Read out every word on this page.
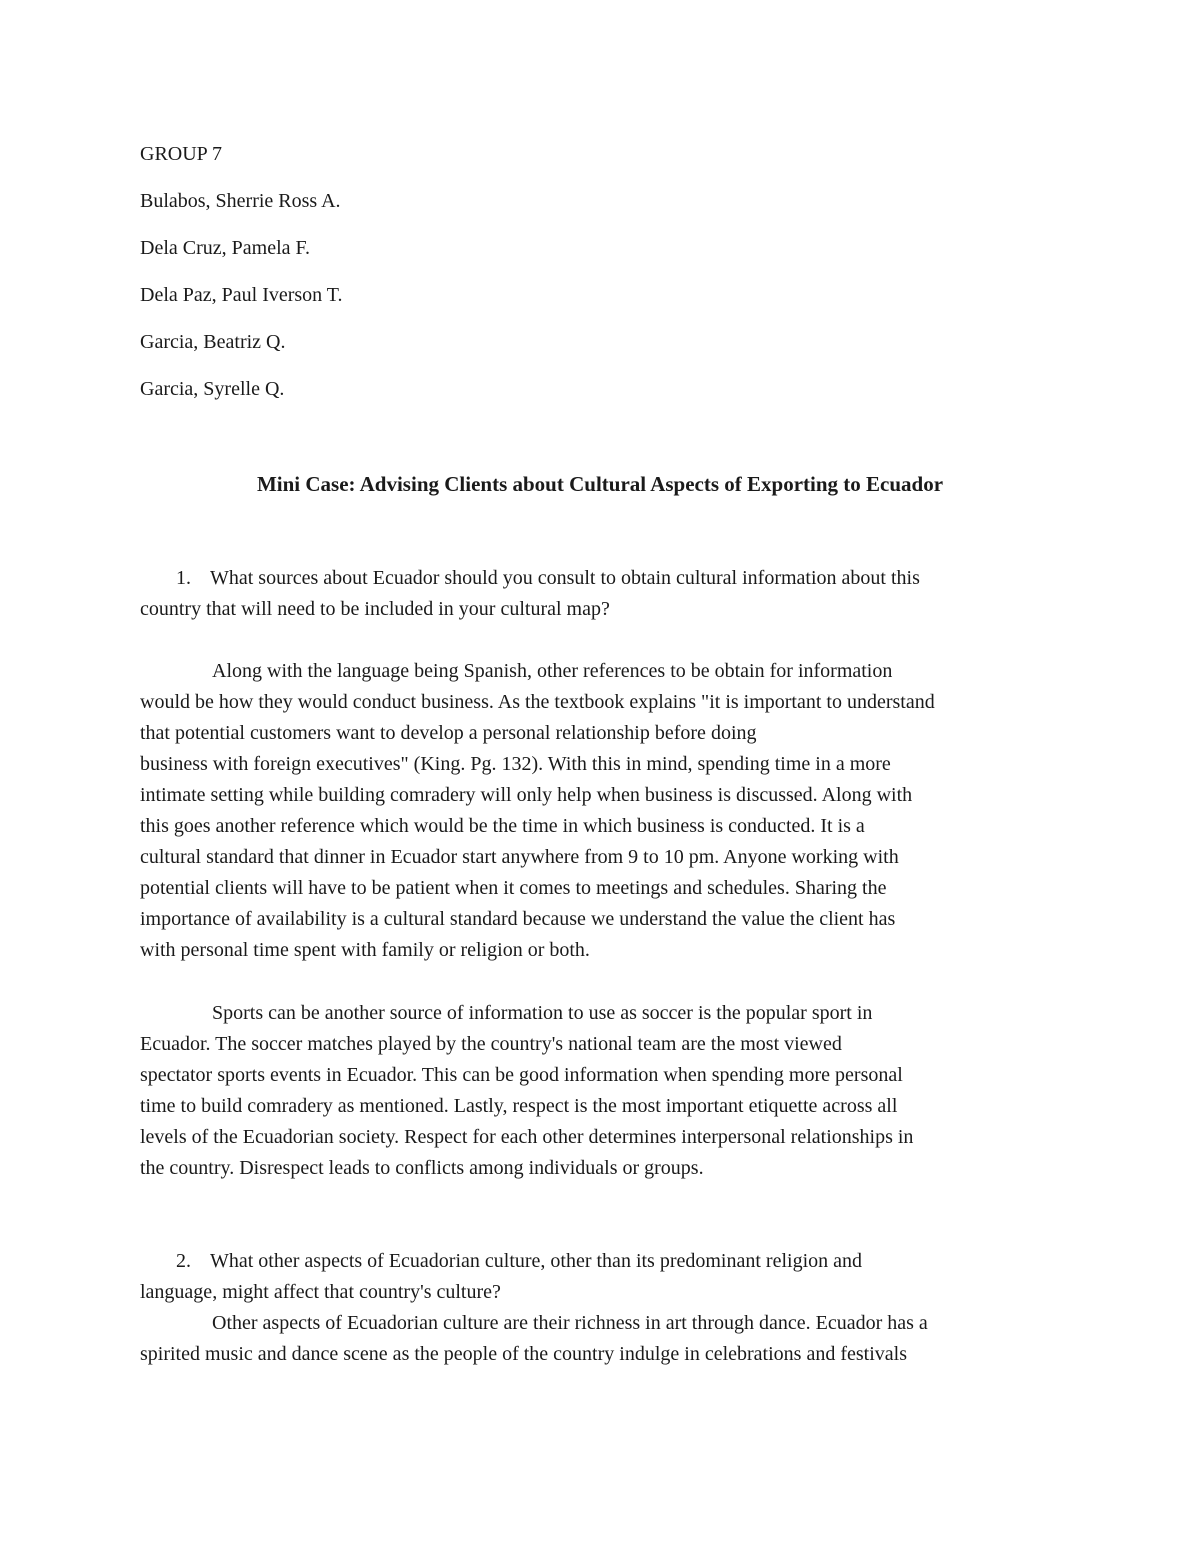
GROUP 7
Bulabos, Sherrie Ross A.
Dela Cruz, Pamela F.
Dela Paz, Paul Iverson T.
Garcia, Beatriz Q.
Garcia, Syrelle Q.
Mini Case: Advising Clients about Cultural Aspects of Exporting to Ecuador
1. What sources about Ecuador should you consult to obtain cultural information about this
country that will need to be included in your cultural map?
Along with the language being Spanish, other references to be obtain for information
would be how they would conduct business. As the textbook explains "it is important to understand
that potential customers want to develop a personal relationship before doing
business with foreign executives" (King. Pg. 132). With this in mind, spending time in a more
intimate setting while building comradery will only help when business is discussed. Along with
this goes another reference which would be the time in which business is conducted. It is a
cultural standard that dinner in Ecuador start anywhere from 9 to 10 pm. Anyone working with
potential clients will have to be patient when it comes to meetings and schedules. Sharing the
importance of availability is a cultural standard because we understand the value the client has
with personal time spent with family or religion or both.
Sports can be another source of information to use as soccer is the popular sport in
Ecuador. The soccer matches played by the country's national team are the most viewed
spectator sports events in Ecuador. This can be good information when spending more personal
time to build comradery as mentioned. Lastly, respect is the most important etiquette across all
levels of the Ecuadorian society. Respect for each other determines interpersonal relationships in
the country. Disrespect leads to conflicts among individuals or groups.
2. What other aspects of Ecuadorian culture, other than its predominant religion and
language, might affect that country's culture?
Other aspects of Ecuadorian culture are their richness in art through dance. Ecuador has a
spirited music and dance scene as the people of the country indulge in celebrations and festivals
